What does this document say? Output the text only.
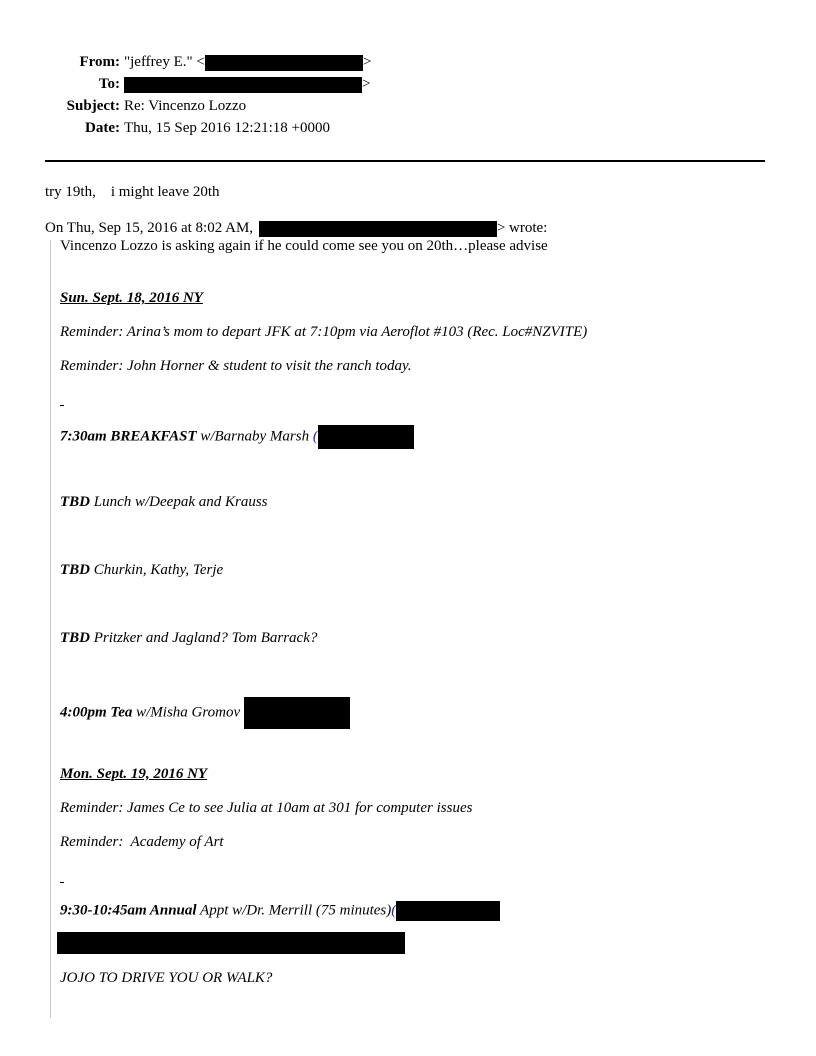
From: "jeffrey E." <	>
To:	>
Subject: Re: Vincenzo Lozzo
Date: Thu, 15 Sep 2016 12:21:18 +0000
try 19th,    i might leave 20th
On Thu, Sep 15, 2016 at 8:02 AM,	> wrote:
Vincenzo Lozzo is asking again if he could come see you on 20th…please advise
Sun. Sept. 18, 2016 NY
Reminder: Arina’s mom to depart JFK at 7:10pm via Aeroflot #103 (Rec. Loc#NZVITE)
Reminder: John Horner & student to visit the ranch today.
7:30am BREAKFAST w/Barnaby Marsh (
TBD Lunch w/Deepak and Krauss
TBD Churkin, Kathy, Terje
TBD Pritzker and Jagland? Tom Barrack?
4:00pm Tea w/Misha Gromov
Mon. Sept. 19, 2016 NY
Reminder: James Ce to see Julia at 10am at 301 for computer issues
Reminder:  Academy of Art
9:30-10:45am Annual Appt w/Dr. Merrill (75 minutes)(
JOJO TO DRIVE YOU OR WALK?
